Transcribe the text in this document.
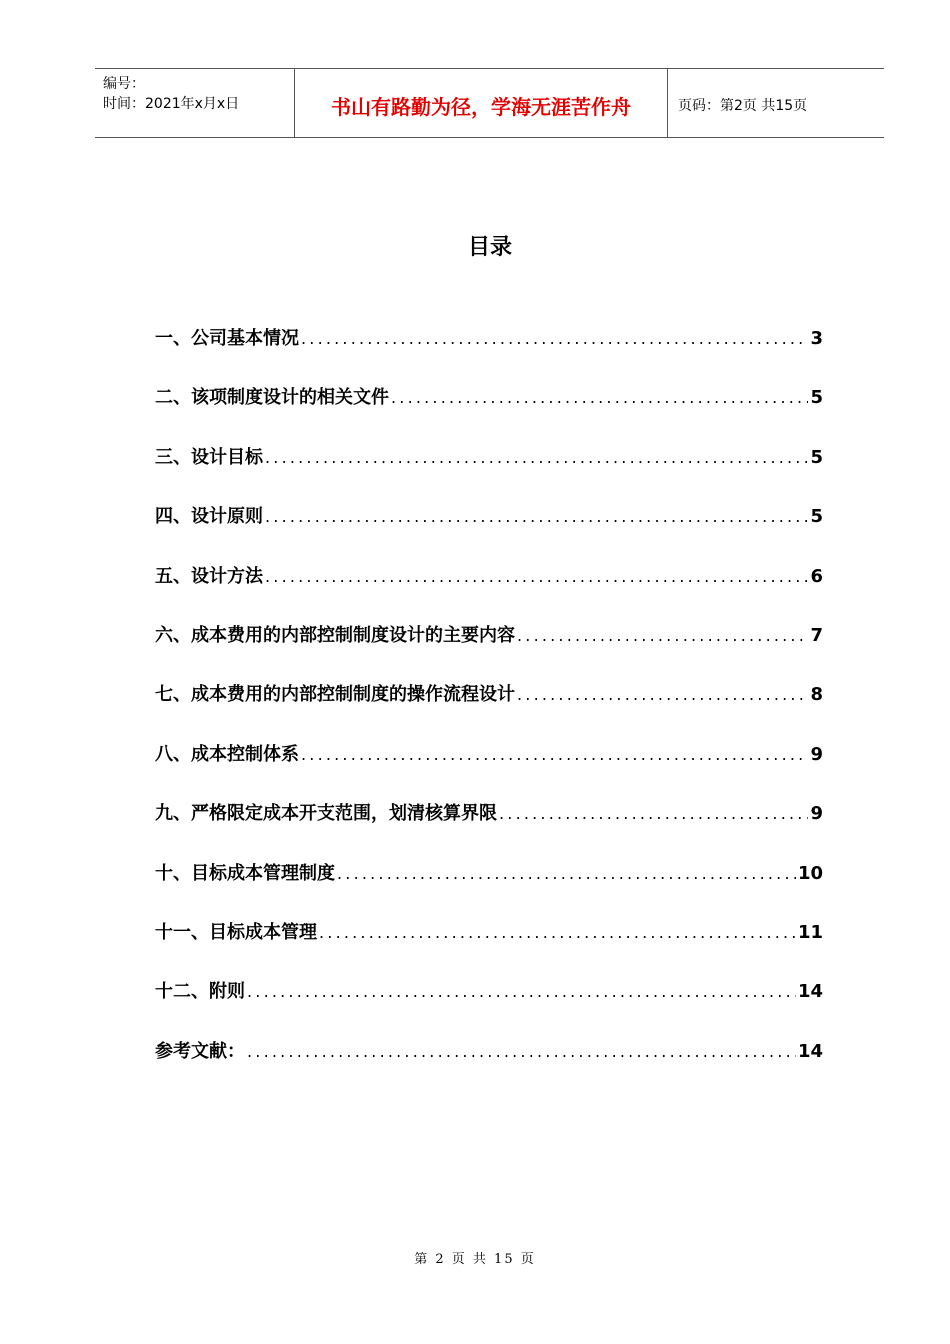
编号：
时间：2021年x月x日	书山有路勤为径，学海无涯苦作舟	页码：第2页 共15页
目录
一、公司基本情况 .....	3
二、该项制度设计的相关文件 .....	5
三、设计目标 .....	5
四、设计原则 .....	5
五、设计方法 .....	6
六、成本费用的内部控制制度设计的主要内容 .....	7
七、成本费用的内部控制制度的操作流程设计 .....	8
八、成本控制体系 .....	9
九、严格限定成本开支范围，划清核算界限 .....	9
十、目标成本管理制度 .....	10
十一、目标成本管理 .....	11
十二、附则 .....	14
参考文献： .....	14
第 2 页 共 15 页
